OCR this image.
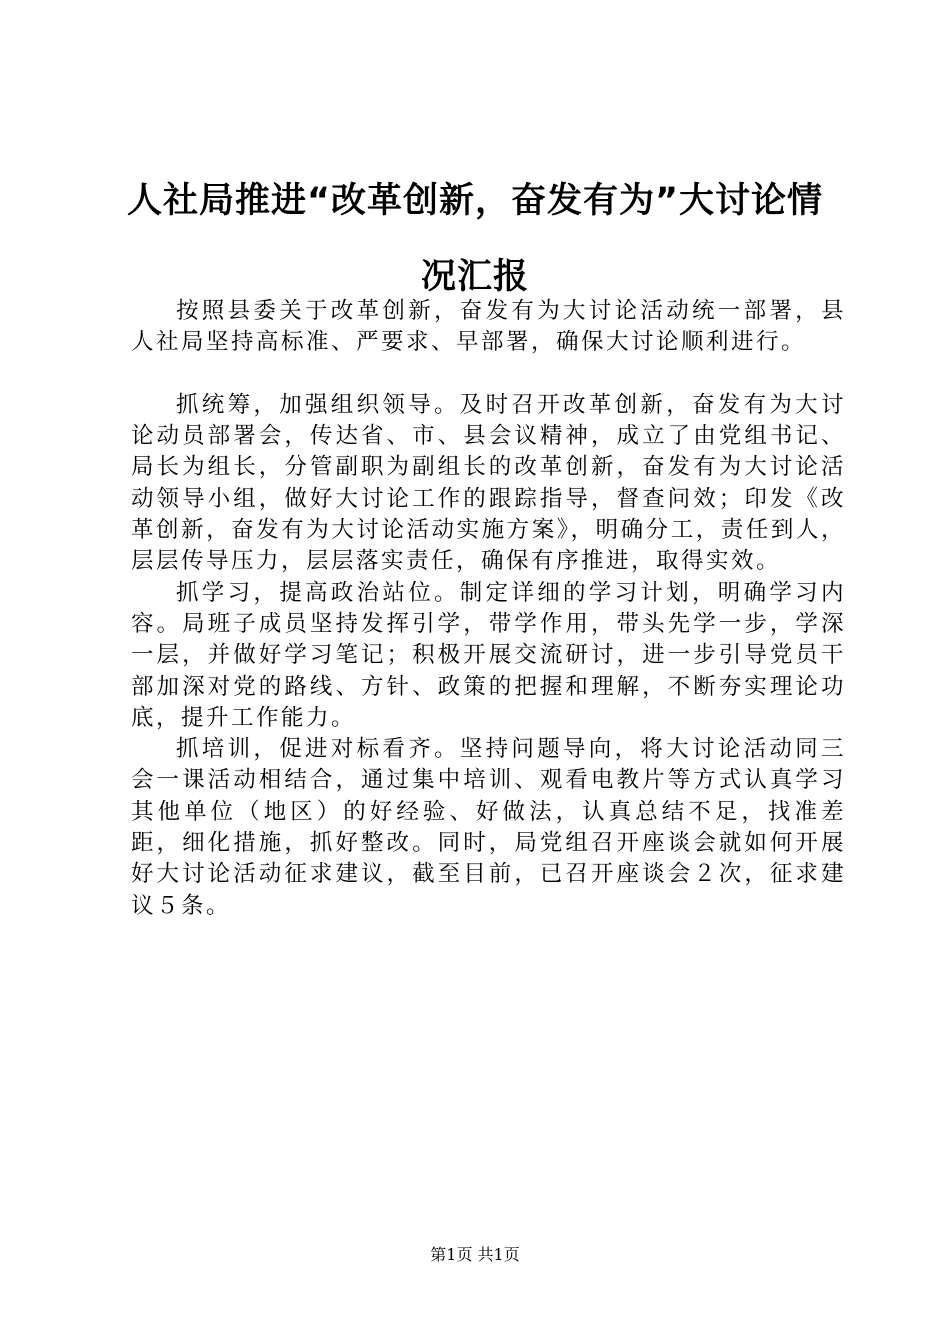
人社局推进“改革创新，奋发有为”大讨论情
况汇报

按照县委关于改革创新，奋发有为大讨论活动统一部署，县人社局坚持高标准、严要求、早部署，确保大讨论顺利进行。

抓统筹，加强组织领导。及时召开改革创新，奋发有为大讨论动员部署会，传达省、市、县会议精神，成立了由党组书记、局长为组长，分管副职为副组长的改革创新，奋发有为大讨论活动领导小组，做好大讨论工作的跟踪指导，督查问效；印发《改革创新，奋发有为大讨论活动实施方案》，明确分工，责任到人，层层传导压力，层层落实责任，确保有序推进，取得实效。

抓学习，提高政治站位。制定详细的学习计划，明确学习内容。局班子成员坚持发挥引学，带学作用，带头先学一步，学深一层，并做好学习笔记；积极开展交流研讨，进一步引导党员干部加深对党的路线、方针、政策的把握和理解，不断夯实理论功底，提升工作能力。

抓培训，促进对标看齐。坚持问题导向，将大讨论活动同三会一课活动相结合，通过集中培训、观看电教片等方式认真学习其他单位（地区）的好经验、好做法，认真总结不足，找准差距，细化措施，抓好整改。同时，局党组召开座谈会就如何开展好大讨论活动征求建议，截至目前，已召开座谈会２次，征求建议５条。

第1页 共1页
